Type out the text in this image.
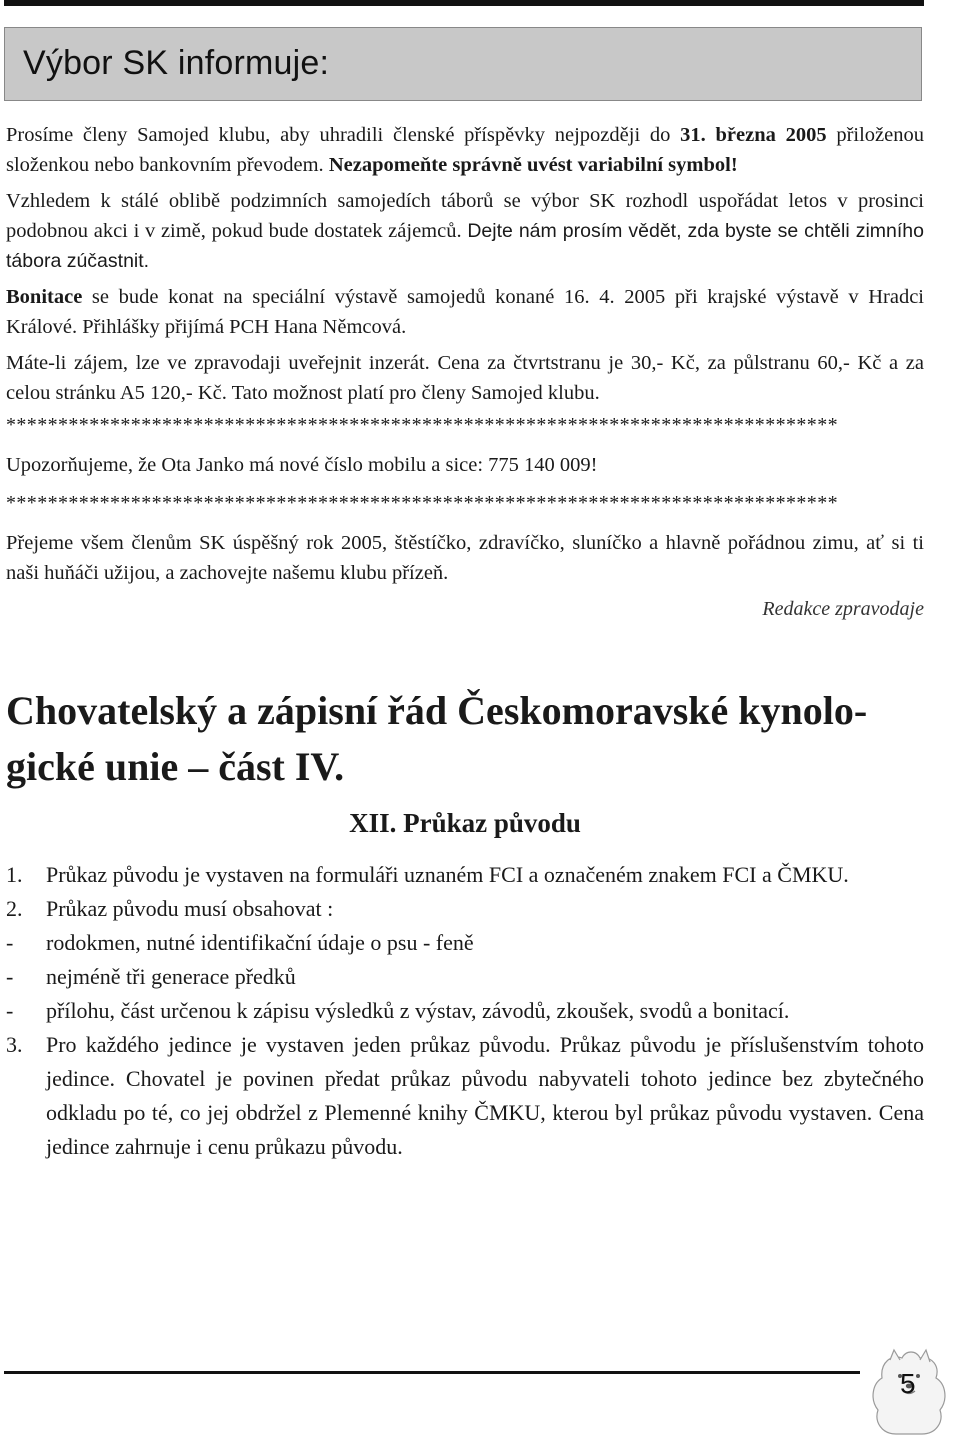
Výbor SK informuje:

Prosíme členy Samojed klubu, aby uhradili členské příspěvky nejpozději do 31. března 2005 přiloženou složenkou nebo bankovním převodem. Nezapomeňte správně uvést variabilní symbol!

Vzhledem k stálé oblibě podzimních samojedích táborů se výbor SK rozhodl uspořádat letos v prosinci podobnou akci i v zimě, pokud bude dostatek zájemců. Dejte nám prosím vědět, zda byste se chtěli zimního tábora zúčastnit.

Bonitace se bude konat na speciální výstavě samojedů konané 16. 4. 2005 při krajské výstavě v Hradci Králové. Přihlášky přijímá PCH Hana Němcová.

Máte-li zájem, lze ve zpravodaji uveřejnit inzerát. Cena za čtvrtstranu je 30,- Kč, za půlstranu 60,- Kč a za celou stránku A5 120,- Kč. Tato možnost platí pro členy Samojed klubu.

********************************************************************************

Upozorňujeme, že Ota Janko má nové číslo mobilu a sice: 775 140 009!

********************************************************************************

Přejeme všem členům SK úspěšný rok 2005, štěstíčko, zdravíčko, sluníčko a hlavně pořádnou zimu, ať si ti naši huňáči užijou, a zachovejte našemu klubu přízeň.

Redakce zpravodaje

Chovatelský a zápisní řád Českomoravské kynolo-gické unie – část IV.
XII. Průkaz původu
1.	Průkaz původu je vystaven na formuláři uznaném FCI a označeném znakem FCI a ČMKU.
2.	Průkaz původu musí obsahovat :
-	rodokmen, nutné identifikační údaje o psu - feně
-	nejméně tři generace předků
-	přílohu, část určenou k zápisu výsledků z výstav, závodů, zkoušek, svodů a bonitací.
3.	Pro každého jedince je vystaven jeden průkaz původu. Průkaz původu je příslušenstvím tohoto jedince. Chovatel je povinen předat průkaz původu nabyvateli tohoto jedince bez zbytečného odkladu po té, co jej obdržel z Plemenné knihy ČMKU, kterou byl průkaz původu vystaven. Cena jedince zahrnuje i cenu průkazu původu.
5
